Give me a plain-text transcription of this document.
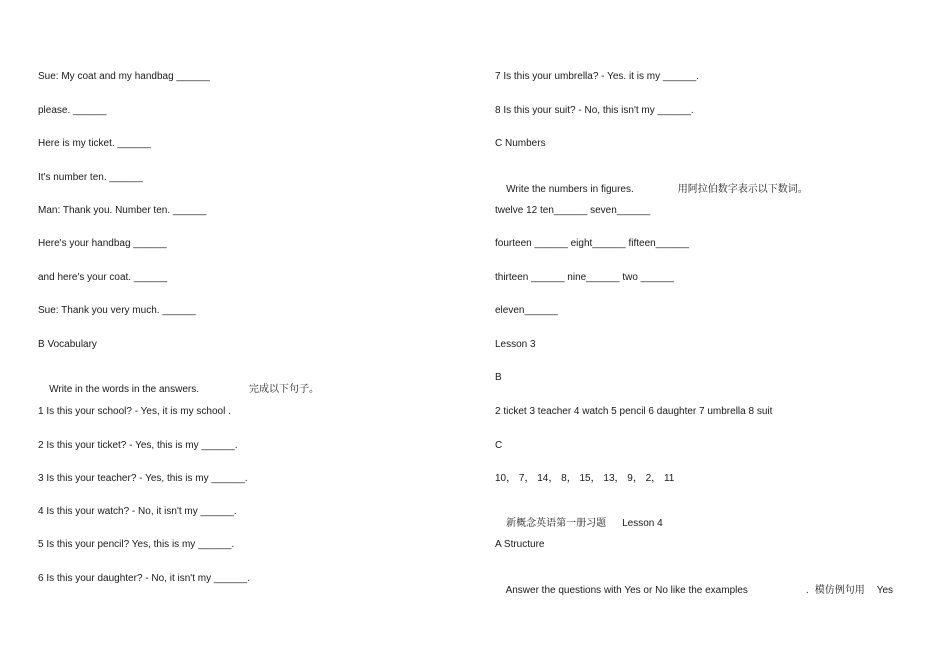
Sue: My coat and my handbag ______
please. ______
Here is my ticket. ______
It's number ten. ______
Man: Thank you. Number ten. ______
Here's your handbag ______
and here's your coat. ______
Sue: Thank you very much. ______
B Vocabulary

Write in the words in the answers.	完成以下句子。

1 Is this your school? - Yes, it is my school .
2 Is this your ticket? - Yes, this is my ______.
3 Is this your teacher? - Yes, this is my ______.
4 Is this your watch? - No, it isn't my ______.
5 Is this your pencil? Yes, this is my ______.
6 Is this your daughter? - No, it isn't my ______.
7 Is this your umbrella? - Yes. it is my ______.
8 Is this your suit? - No, this isn't my ______.
C Numbers

Write the numbers in figures.	用阿拉伯数字表示以下数词。

twelve 12 ten______ seven______
fourteen ______ eight______ fifteen______
thirteen ______ nine______ two ______
eleven______
Lesson 3
B
2 ticket 3 teacher 4 watch 5 pencil 6 daughter 7 umbrella 8 suit
C
10， 7， 14， 8， 15， 13， 9， 2， 11

新概念英语第一册习题 Lesson 4

A Structure

Answer the questions with Yes or No like the examples	. 模仿例句用 Yes
